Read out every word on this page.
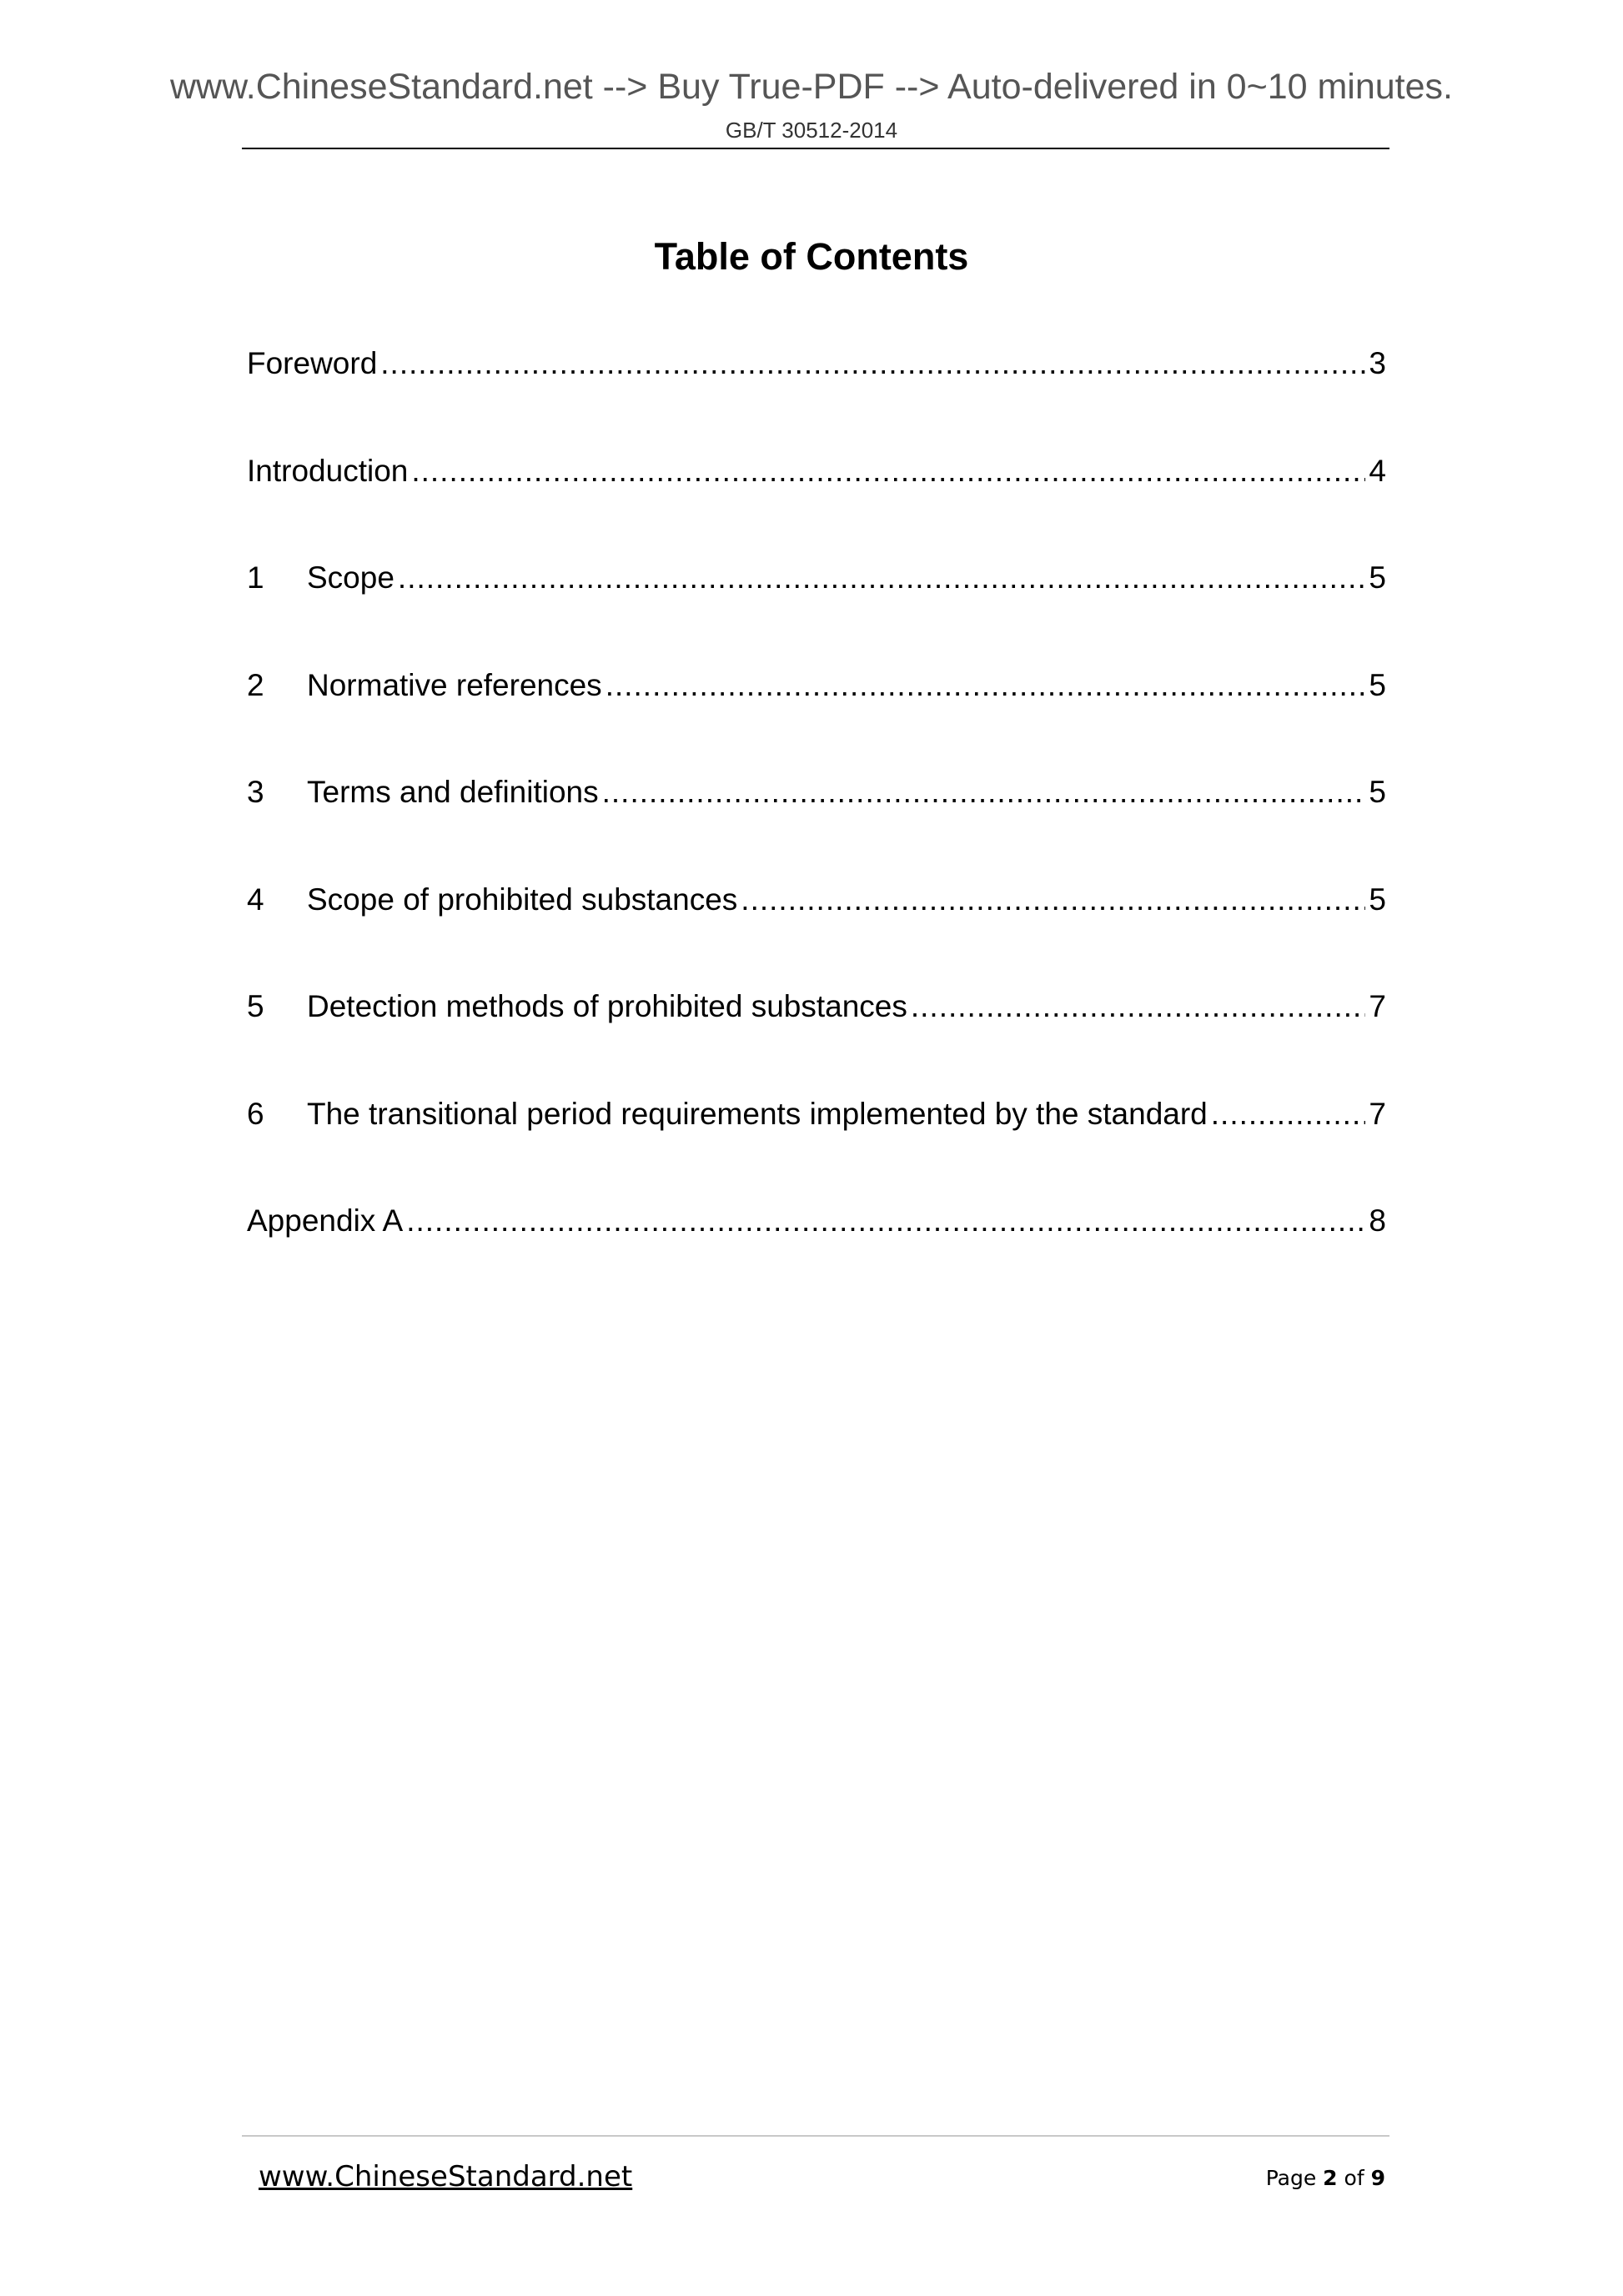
www.ChineseStandard.net --> Buy True-PDF --> Auto-delivered in 0~10 minutes.
GB/T 30512-2014
Table of Contents
Foreword .....	3
Introduction .....	4
1	Scope .....	5
2	Normative references .....	5
3	Terms and definitions .....	5
4	Scope of prohibited substances .....	5
5	Detection methods of prohibited substances .....	7
6	The transitional period requirements implemented by the standard .....	7
Appendix A .....	8
www.ChineseStandard.net	Page 2 of 9
